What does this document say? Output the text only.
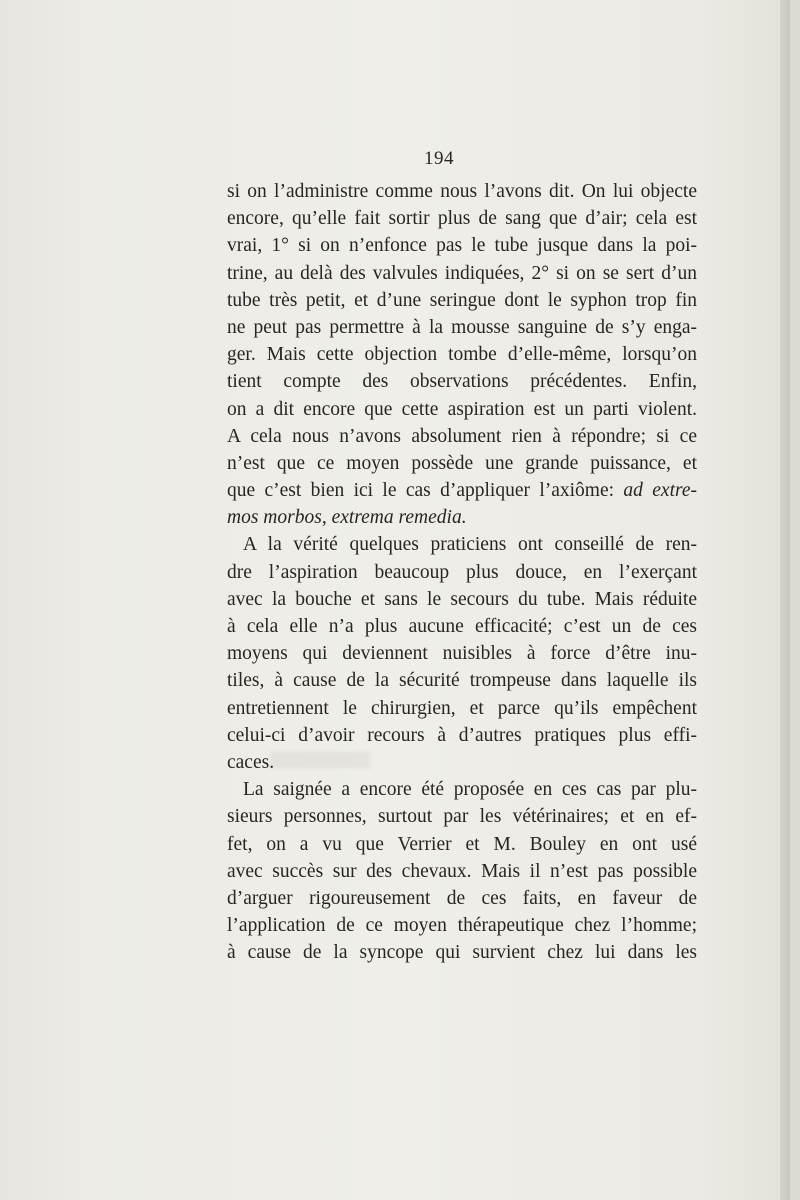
194
si on l’administre comme nous l’avons dit. On lui objecte
encore, qu’elle fait sortir plus de sang que d’air; cela est
vrai, 1° si on n’enfonce pas le tube jusque dans la poi-
trine, au delà des valvules indiquées, 2° si on se sert d’un
tube très petit, et d’une seringue dont le syphon trop fin
ne peut pas permettre à la mousse sanguine de s’y enga-
ger. Mais cette objection tombe d’elle-même, lorsqu’on
tient compte des observations précédentes. Enfin,
on a dit encore que cette aspiration est un parti violent.
A cela nous n’avons absolument rien à répondre; si ce
n’est que ce moyen possède une grande puissance, et
que c’est bien ici le cas d’appliquer l’axiôme: ad extre-
mos morbos, extrema remedia.
A la vérité quelques praticiens ont conseillé de ren-
dre l’aspiration beaucoup plus douce, en l’exerçant
avec la bouche et sans le secours du tube. Mais réduite
à cela elle n’a plus aucune efficacité; c’est un de ces
moyens qui deviennent nuisibles à force d’être inu-
tiles, à cause de la sécurité trompeuse dans laquelle ils
entretiennent le chirurgien, et parce qu’ils empêchent
celui-ci d’avoir recours à d’autres pratiques plus effi-
caces.
La saignée a encore été proposée en ces cas par plu-
sieurs personnes, surtout par les vétérinaires; et en ef-
fet, on a vu que Verrier et M. Bouley en ont usé
avec succès sur des chevaux. Mais il n’est pas possible
d’arguer rigoureusement de ces faits, en faveur de
l’application de ce moyen thérapeutique chez l’homme;
à cause de la syncope qui survient chez lui dans les
